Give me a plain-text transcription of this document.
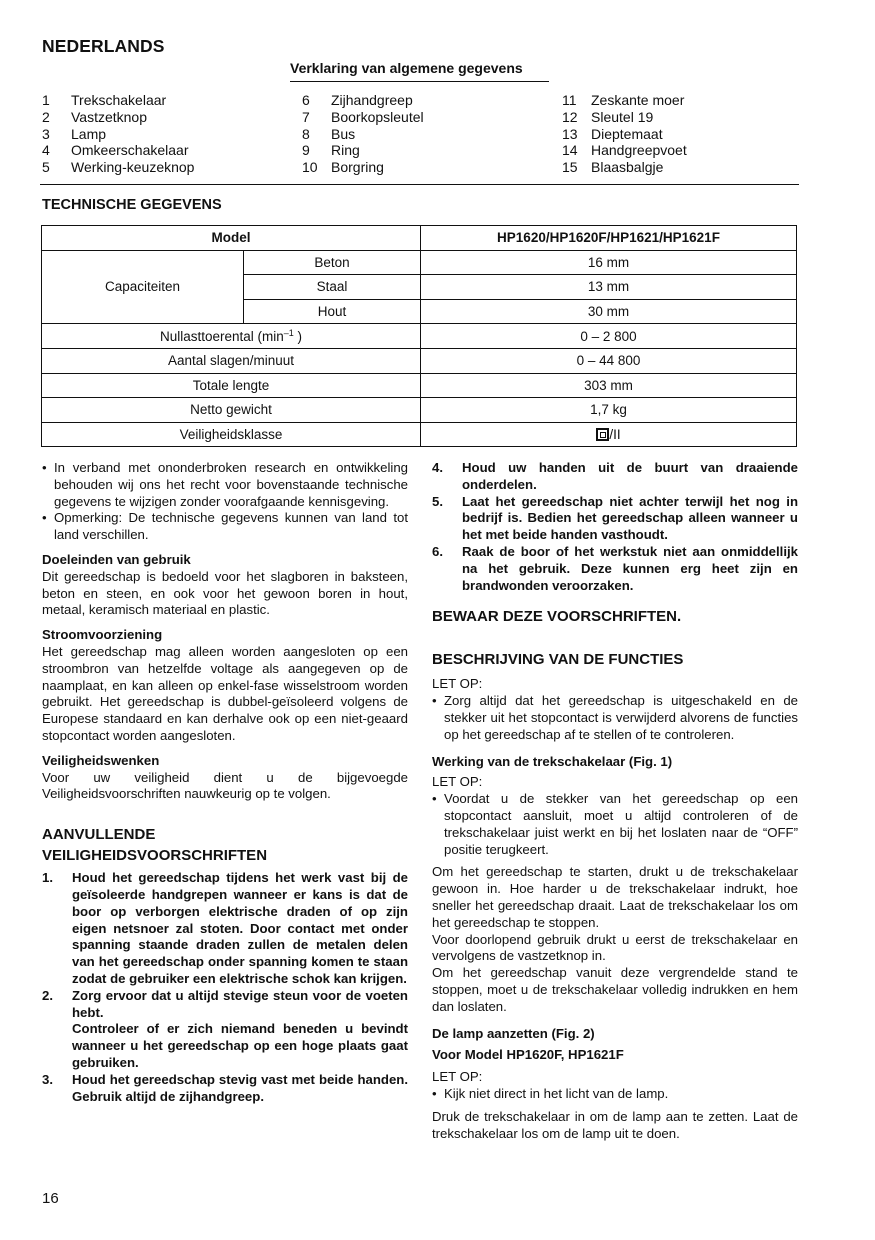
NEDERLANDS
Verklaring van algemene gegevens
1	Trekschakelaar
2	Vastzetknop
3	Lamp
4	Omkeerschakelaar
5	Werking-keuzeknop
6	Zijhandgreep
7	Boorkopsleutel
8	Bus
9	Ring
10 Borgring
11	Zeskante moer
12 Sleutel 19
13 Dieptemaat
14 Handgreepvoet
15 Blaasbalgje
TECHNISCHE GEGEVENS
Model		HP1620/HP1620F/HP1621/HP1621F
Capaciteiten	Beton	16 mm
	Staal	13 mm
	Hout	30 mm
Nullasttoerental ($\min^{-1}$ )		0 – 2 800
Aantal slagen/minuut		0 – 44 800
Totale lengte		303 mm
Netto gewicht		1,7 kg
Veiligheidsklasse		/II
• In verband met ononderbroken research en ontwikkeling behouden wij ons het recht voor bovenstaande technische gegevens te wijzigen zonder voorafgaande kennisgeving.
• Opmerking: De technische gegevens kunnen van land tot land verschillen.
Doeleinden van gebruik
Dit gereedschap is bedoeld voor het slagboren in baksteen, beton en steen, en ook voor het gewoon boren in hout, metaal, keramisch materiaal en plastic.
Stroomvoorziening
Het gereedschap mag alleen worden aangesloten op een stroombron van hetzelfde voltage als aangegeven op de naamplaat, en kan alleen op enkel-fase wisselstroom worden gebruikt. Het gereedschap is dubbel-geïsoleerd volgens de Europese standaard en kan derhalve ook op een niet-geaard stopcontact worden aangesloten.
Veiligheidswenken
Voor uw veiligheid dient u de bijgevoegde Veiligheidsvoorschriften nauwkeurig op te volgen.
AANVULLENDE
VEILIGHEIDSVOORSCHRIFTEN
1.	Houd het gereedschap tijdens het werk vast bij de geïsoleerde handgrepen wanneer er kans is dat de boor op verborgen elektrische draden of op zijn eigen netsnoer zal stoten. Door contact met onder spanning staande draden zullen de metalen delen van het gereedschap onder spanning komen te staan zodat de gebruiker een elektrische schok kan krijgen.
2.	Zorg ervoor dat u altijd stevige steun voor de voeten hebt.
Controleer of er zich niemand beneden u bevindt wanneer u het gereedschap op een hoge plaats gaat gebruiken.
3.	Houd het gereedschap stevig vast met beide handen. Gebruik altijd de zijhandgreep.
4.	Houd uw handen uit de buurt van draaiende onderdelen.
5.	Laat het gereedschap niet achter terwijl het nog in bedrijf is. Bedien het gereedschap alleen wanneer u het met beide handen vasthoudt.
6.	Raak de boor of het werkstuk niet aan onmiddellijk na het gebruik. Deze kunnen erg heet zijn en brandwonden veroorzaken.
BEWAAR DEZE VOORSCHRIFTEN.
BESCHRIJVING VAN DE FUNCTIES
LET OP:
• Zorg altijd dat het gereedschap is uitgeschakeld en de stekker uit het stopcontact is verwijderd alvorens de functies op het gereedschap af te stellen of te controleren.
Werking van de trekschakelaar (Fig. 1)
LET OP:
• Voordat u de stekker van het gereedschap op een stopcontact aansluit, moet u altijd controleren of de trekschakelaar juist werkt en bij het loslaten naar de “OFF” positie terugkeert.
Om het gereedschap te starten, drukt u de trekschakelaar gewoon in. Hoe harder u de trekschakelaar indrukt, hoe sneller het gereedschap draait. Laat de trekschakelaar los om het gereedschap te stoppen.
Voor doorlopend gebruik drukt u eerst de trekschakelaar en vervolgens de vastzetknop in.
Om het gereedschap vanuit deze vergrendelde stand te stoppen, moet u de trekschakelaar volledig indrukken en hem dan loslaten.
De lamp aanzetten (Fig. 2)
Voor Model HP1620F, HP1621F
LET OP:
• Kijk niet direct in het licht van de lamp.
Druk de trekschakelaar in om de lamp aan te zetten. Laat de trekschakelaar los om de lamp uit te doen.
16
